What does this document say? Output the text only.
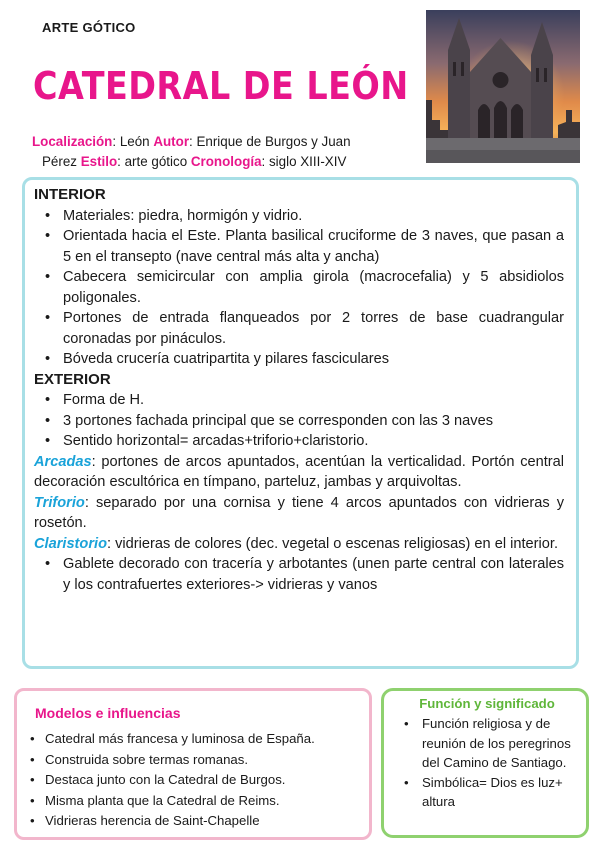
ARTE GÓTICO
CATEDRAL DE LEÓN
Localización: León Autor: Enrique de Burgos y Juan
Pérez Estilo: arte gótico Cronología: siglo XIII-XIV
INTERIOR
• Materiales: piedra, hormigón y vidrio.
• Orientada hacia el Este. Planta basilical cruciforme de 3 naves, que pasan a 5 en el transepto (nave central más alta y ancha)
• Cabecera semicircular con amplia girola (macrocefalia) y 5 absidiolos poligonales.
• Portones de entrada flanqueados por 2 torres de base cuadrangular coronadas por pináculos.
• Bóveda crucería cuatripartita y pilares fasciculares
EXTERIOR
• Forma de H.
• 3 portones fachada principal que se corresponden con las 3 naves
• Sentido horizontal= arcadas+triforio+claristorio.
Arcadas: portones de arcos apuntados, acentúan la verticalidad. Portón central decoración escultórica en tímpano, parteluz, jambas y arquivoltas.
Triforio: separado por una cornisa y tiene 4 arcos apuntados con vidrieras y rosetón.
Claristorio: vidrieras de colores (dec. vegetal o escenas religiosas) en el interior.
• Gablete decorado con tracería y arbotantes (unen parte central con laterales y los contrafuertes exteriores-> vidrieras y vanos
Modelos e influencias
• Catedral más francesa y luminosa de España.
• Construida sobre termas romanas.
• Destaca junto con la Catedral de Burgos.
• Misma planta que la Catedral de Reims.
• Vidrieras herencia de Saint-Chapelle
Función y significado
• Función religiosa y de reunión de los peregrinos del Camino de Santiago.
• Simbólica= Dios es luz+ altura
